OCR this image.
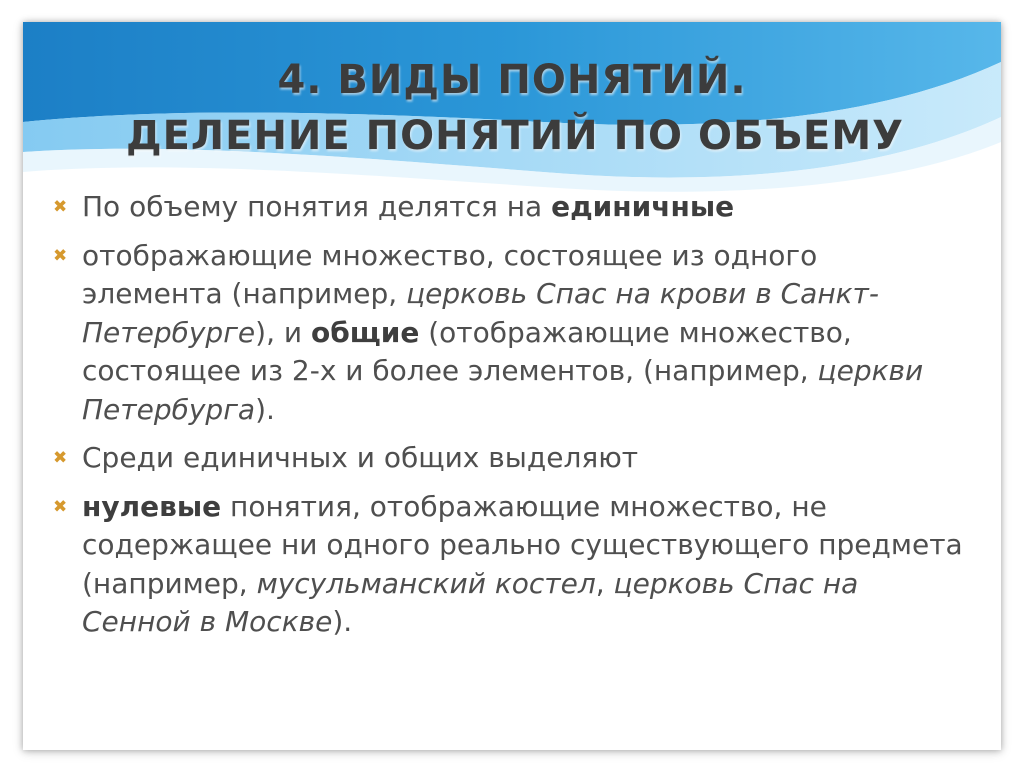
4. ВИДЫ ПОНЯТИЙ.
ДЕЛЕНИЕ ПОНЯТИЙ ПО ОБЪЕМУ
✖ По объему понятия делятся на единичные
✖ отображающие множество, состоящее из одного элемента (например, церковь Спас на крови в Санкт-Петербурге), и общие (отображающие множество, состоящее из 2-х и более элементов, (например, церкви Петербурга).
✖ Среди единичных и общих выделяют
✖ нулевые понятия, отображающие множество, не содержащее ни одного реально существующего предмета (например, мусульманский костел, церковь Спас на Сенной в Москве).
